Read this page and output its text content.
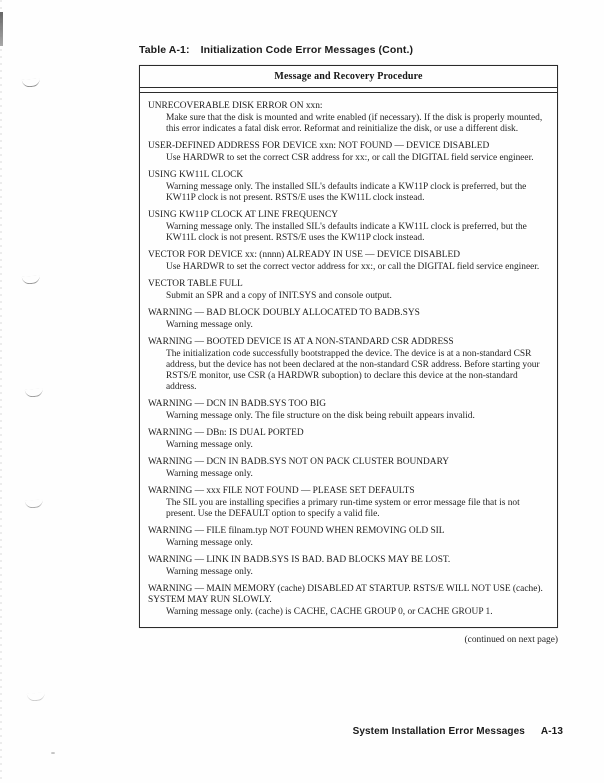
Table A-1: Initialization Code Error Messages (Cont.)
Message and Recovery Procedure
UNRECOVERABLE DISK ERROR ON xxn:
Make sure that the disk is mounted and write enabled (if necessary). If the disk is properly mounted, this error indicates a fatal disk error. Reformat and reinitialize the disk, or use a different disk.
USER-DEFINED ADDRESS FOR DEVICE xxn: NOT FOUND — DEVICE DISABLED
Use HARDWR to set the correct CSR address for xx:, or call the DIGITAL field service engineer.
USING KW11L CLOCK
Warning message only. The installed SIL's defaults indicate a KW11P clock is preferred, but the KW11P clock is not present. RSTS/E uses the KW11L clock instead.
USING KW11P CLOCK AT LINE FREQUENCY
Warning message only. The installed SIL's defaults indicate a KW11L clock is preferred, but the KW11L clock is not present. RSTS/E uses the KW11P clock instead.
VECTOR FOR DEVICE xx: (nnnn) ALREADY IN USE — DEVICE DISABLED
Use HARDWR to set the correct vector address for xx:, or call the DIGITAL field service engineer.
VECTOR TABLE FULL
Submit an SPR and a copy of INIT.SYS and console output.
WARNING — BAD BLOCK DOUBLY ALLOCATED TO BADB.SYS
Warning message only.
WARNING — BOOTED DEVICE IS AT A NON-STANDARD CSR ADDRESS
The initialization code successfully bootstrapped the device. The device is at a non-standard CSR address, but the device has not been declared at the non-standard CSR address. Before starting your RSTS/E monitor, use CSR (a HARDWR suboption) to declare this device at the non-standard address.
WARNING — DCN IN BADB.SYS TOO BIG
Warning message only. The file structure on the disk being rebuilt appears invalid.
WARNING — DBn: IS DUAL PORTED
Warning message only.
WARNING — DCN IN BADB.SYS NOT ON PACK CLUSTER BOUNDARY
Warning message only.
WARNING — xxx FILE NOT FOUND — PLEASE SET DEFAULTS
The SIL you are installing specifies a primary run-time system or error message file that is not present. Use the DEFAULT option to specify a valid file.
WARNING — FILE filnam.typ NOT FOUND WHEN REMOVING OLD SIL
Warning message only.
WARNING — LINK IN BADB.SYS IS BAD. BAD BLOCKS MAY BE LOST.
Warning message only.
WARNING — MAIN MEMORY (cache) DISABLED AT STARTUP. RSTS/E WILL NOT USE (cache). SYSTEM MAY RUN SLOWLY.
Warning message only. (cache) is CACHE, CACHE GROUP 0, or CACHE GROUP 1.
(continued on next page)
System Installation Error Messages A-13
